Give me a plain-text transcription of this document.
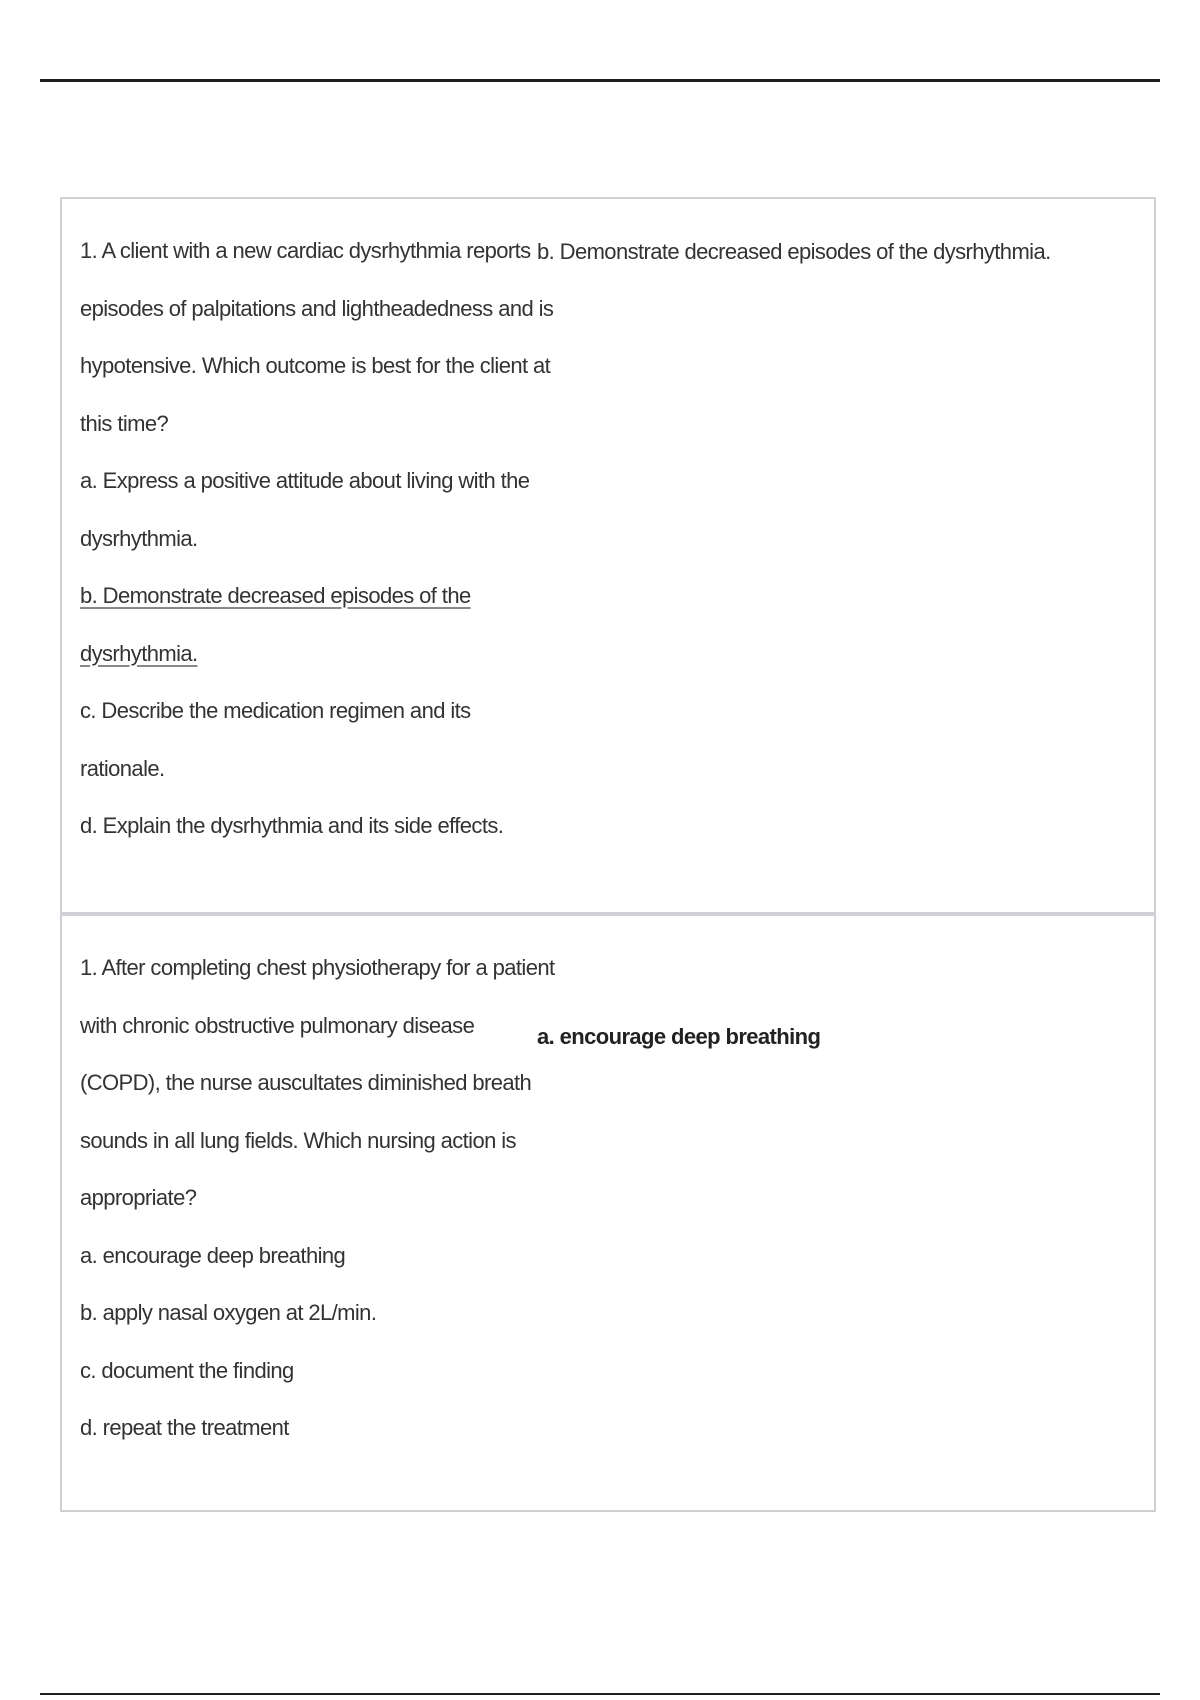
1. A client with a new cardiac dysrhythmia reports
episodes of palpitations and lightheadedness and is
hypotensive. Which outcome is best for the client at
this time?
a. Express a positive attitude about living with the
dysrhythmia.
b. Demonstrate decreased episodes of the
dysrhythmia.
c. Describe the medication regimen and its
rationale.
d. Explain the dysrhythmia and its side effects.
b. Demonstrate decreased episodes of the dysrhythmia.
1. After completing chest physiotherapy for a patient
with chronic obstructive pulmonary disease
(COPD), the nurse auscultates diminished breath
sounds in all lung fields. Which nursing action is
appropriate?
a. encourage deep breathing
b. apply nasal oxygen at 2L/min.
c. document the finding
d. repeat the treatment
a. encourage deep breathing
